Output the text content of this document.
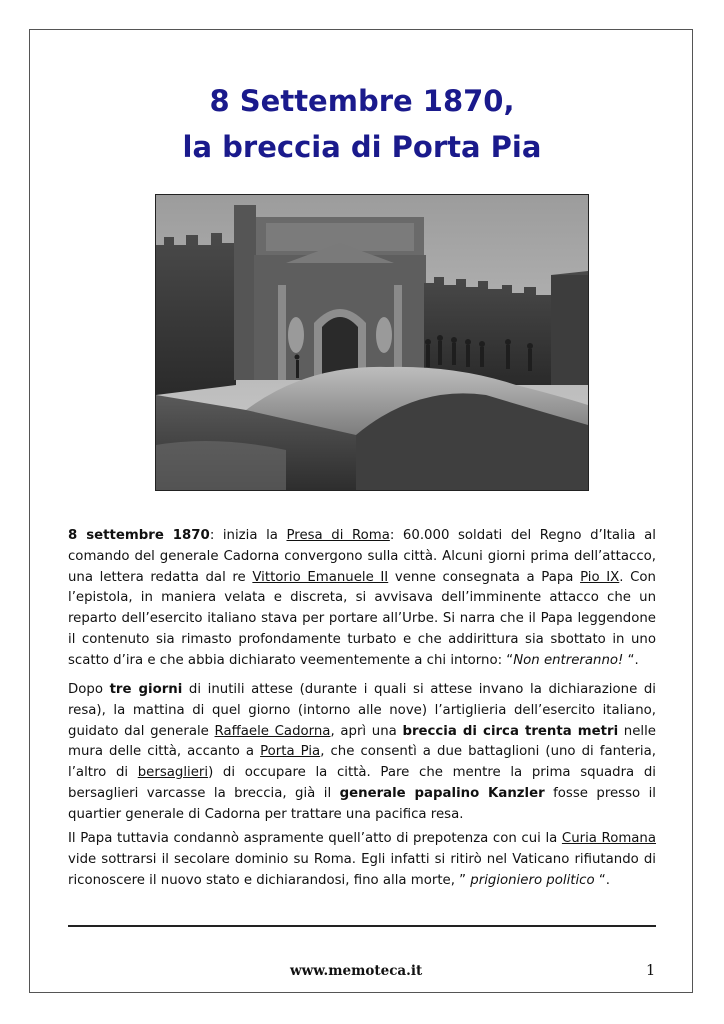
8 Settembre 1870,
la breccia di Porta Pia

8 settembre 1870: inizia la Presa di Roma: 60.000 soldati del Regno d’Italia al comando del generale Cadorna convergono sulla città. Alcuni giorni prima dell’attacco, una lettera redatta dal re Vittorio Emanuele II venne consegnata a Papa Pio IX. Con l’epistola, in maniera velata e discreta, si avvisava dell’imminente attacco che un reparto dell’esercito italiano stava per portare all’Urbe. Si narra che il Papa leggendone il contenuto sia rimasto profondamente turbato e che addirittura sia sbottato in uno scatto d’ira e che abbia dichiarato veementemente a chi intorno: “Non entreranno! “.

Dopo tre giorni di inutili attese (durante i quali si attese invano la dichiarazione di resa), la mattina di quel giorno (intorno alle nove) l’artiglieria dell’esercito italiano, guidato dal generale Raffaele Cadorna, aprì una breccia di circa trenta metri nelle mura delle città, accanto a Porta Pia, che consentì a due battaglioni (uno di fanteria, l’altro di bersaglieri) di occupare la città. Pare che mentre la prima squadra di bersaglieri varcasse la breccia, già il generale papalino Kanzler fosse presso il quartier generale di Cadorna per trattare una pacifica resa.

Il Papa tuttavia condannò aspramente quell’atto di prepotenza con cui la Curia Romana vide sottrarsi il secolare dominio su Roma. Egli infatti si ritirò nel Vaticano rifiutando di riconoscere il nuovo stato e dichiarandosi, fino alla morte, ” prigioniero politico “.

www.memoteca.it	1
